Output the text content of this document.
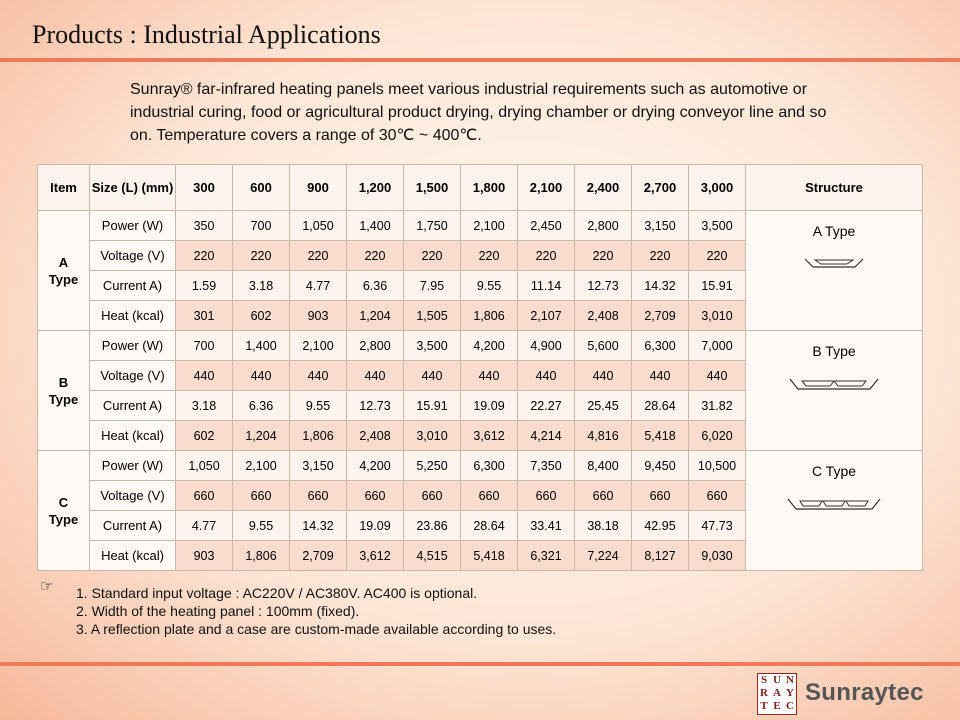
Products : Industrial Applications

Sunray® far-infrared heating panels meet various industrial requirements such as automotive or industrial curing, food or agricultural product drying, drying chamber or drying conveyor line and so on. Temperature covers a range of 30℃ ~ 400℃.

Item	Size (L) (mm)	300	600	900	1,200	1,500	1,800	2,100	2,400	2,700	3,000	Structure

A
Type	Power (W)	350	700	1,050	1,400	1,750	2,100	2,450	2,800	3,150	3,500	A Type

	Voltage (V)	220	220	220	220	220	220	220	220	220	220	
	Current A)	1.59	3.18	4.77	6.36	7.95	9.55	11.14	12.73	14.32	15.91	
	Heat (kcal)	301	602	903	1,204	1,505	1,806	2,107	2,408	2,709	3,010	

B
Type	Power (W)	700	1,400	2,100	2,800	3,500	4,200	4,900	5,600	6,300	7,000	B Type

	Voltage (V)	440	440	440	440	440	440	440	440	440	440	
	Current A)	3.18	6.36	9.55	12.73	15.91	19.09	22.27	25.45	28.64	31.82	
	Heat (kcal)	602	1,204	1,806	2,408	3,010	3,612	4,214	4,816	5,418	6,020	

C
Type	Power (W)	1,050	2,100	3,150	4,200	5,250	6,300	7,350	8,400	9,450	10,500	C Type

	Voltage (V)	660	660	660	660	660	660	660	660	660	660	
	Current A)	4.77	9.55	14.32	19.09	23.86	28.64	33.41	38.18	42.95	47.73	
	Heat (kcal)	903	1,806	2,709	3,612	4,515	5,418	6,321	7,224	8,127	9,030	
☞ 1. Standard input voltage : AC220V / AC380V. AC400 is optional.
2. Width of the heating panel : 100mm (fixed).
3. A reflection plate and a case are custom-made available according to uses.
S U N
R A Y
T E C Sunraytec
